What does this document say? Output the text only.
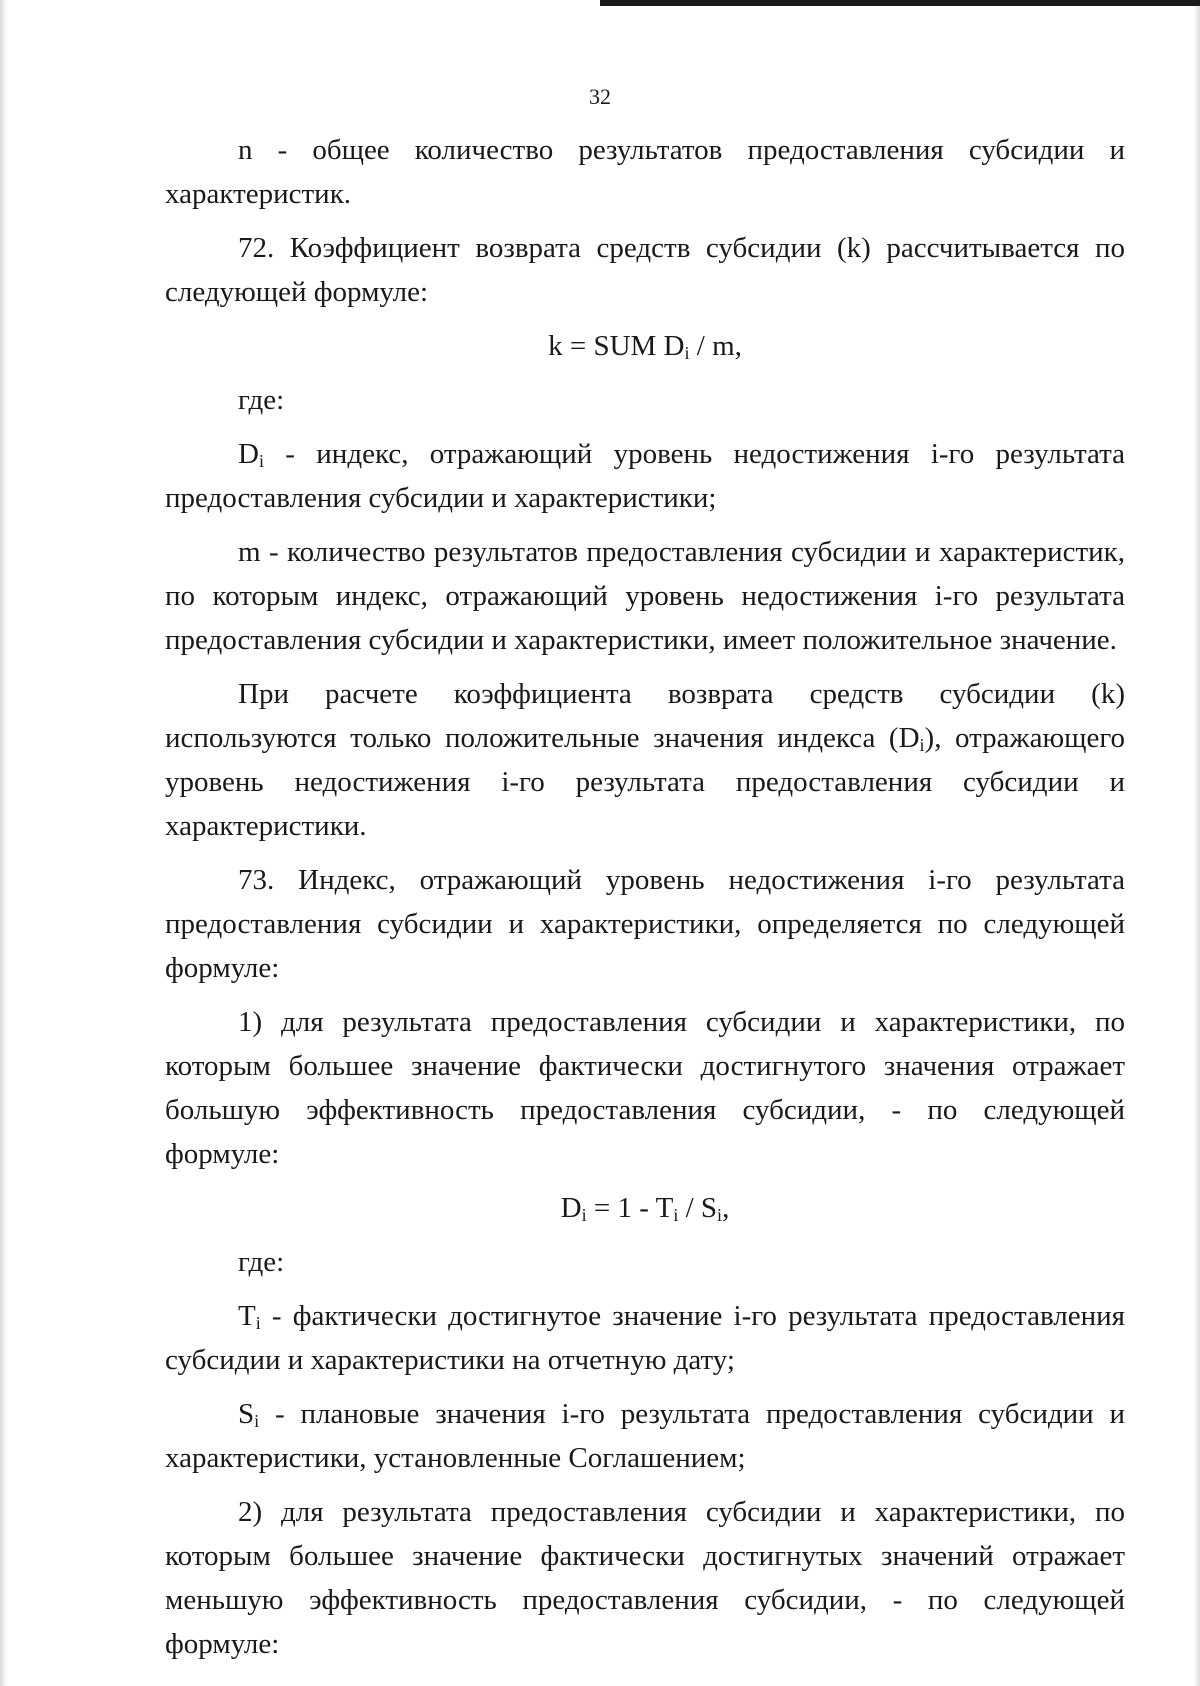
32

n - общее количество результатов предоставления субсидии и характеристик.

72. Коэффициент возврата средств субсидии (k) рассчитывается по следующей формуле:

k = SUM $D_i$ / m,

где:

$D_i$ - индекс, отражающий уровень недостижения i-го результата предоставления субсидии и характеристики;

m - количество результатов предоставления субсидии и характеристик, по которым индекс, отражающий уровень недостижения i-го результата предоставления субсидии и характеристики, имеет положительное значение.

При расчете коэффициента возврата средств субсидии (k) используются только положительные значения индекса $(D_i)$, отражающего уровень недостижения i-го результата предоставления субсидии и характеристики.

73. Индекс, отражающий уровень недостижения i-го результата предоставления субсидии и характеристики, определяется по следующей формуле:

1) для результата предоставления субсидии и характеристики, по которым большее значение фактически достигнутого значения отражает большую эффективность предоставления субсидии, - по следующей формуле:

$D_i = 1 - T_i / S_i$,

где:

$T_i$ - фактически достигнутое значение i-го результата предоставления субсидии и характеристики на отчетную дату;

$S_i$ - плановые значения i-го результата предоставления субсидии и характеристики, установленные Соглашением;

2) для результата предоставления субсидии и характеристики, по которым большее значение фактически достигнутых значений отражает меньшую эффективность предоставления субсидии, - по следующей формуле:
